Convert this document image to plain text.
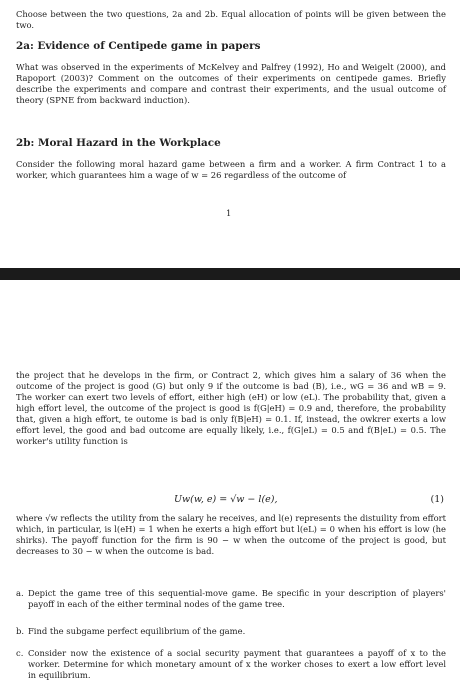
Choose between the two questions, 2a and 2b. Equal allocation of points will be given between the two.
2a: Evidence of Centipede game in papers
What was observed in the experiments of McKelvey and Palfrey (1992), Ho and Weigelt (2000), and Rapoport (2003)? Comment on the outcomes of their experiments on centipede games. Briefly describe the experiments and compare and contrast their experiments, and the usual outcome of theory (SPNE from backward induction).
2b: Moral Hazard in the Workplace
Consider the following moral hazard game between a firm and a worker. A firm Contract 1 to a worker, which guarantees him a wage of w = 26 regardless of the outcome of
1
the project that he develops in the firm, or Contract 2, which gives him a salary of 36 when the outcome of the project is good (G) but only 9 if the outcome is bad (B), i.e., wG = 36 and wB = 9. The worker can exert two levels of effort, either high (eH) or low (eL). The probability that, given a high effort level, the outcome of the project is good is f(G|eH) = 0.9 and, therefore, the probability that, given a high effort, te outome is bad is only f(B|eH) = 0.1. If, instead, the owkrer exerts a low effort level, the good and bad outcome are equally likely, i.e., f(G|eL) = 0.5 and f(B|eL) = 0.5. The worker's utility function is
Uw(w, e) = √w − l(e),	(1)
where √w reflects the utility from the salary he receives, and l(e) represents the distuility from effort which, in particular, is l(eH) = 1 when he exerts a high effort but l(eL) = 0 when his effort is low (he shirks). The payoff function for the firm is 90 − w when the outcome of the project is good, but decreases to 30 − w when the outcome is bad.
a. Depict the game tree of this sequential-move game. Be specific in your description of players' payoff in each of the either terminal nodes of the game tree.
b. Find the subgame perfect equilibrium of the game.
c. Consider now the existence of a social security payment that guarantees a payoff of x to the worker. Determine for which monetary amount of x the worker choses to exert a low effort level in equilibrium.
